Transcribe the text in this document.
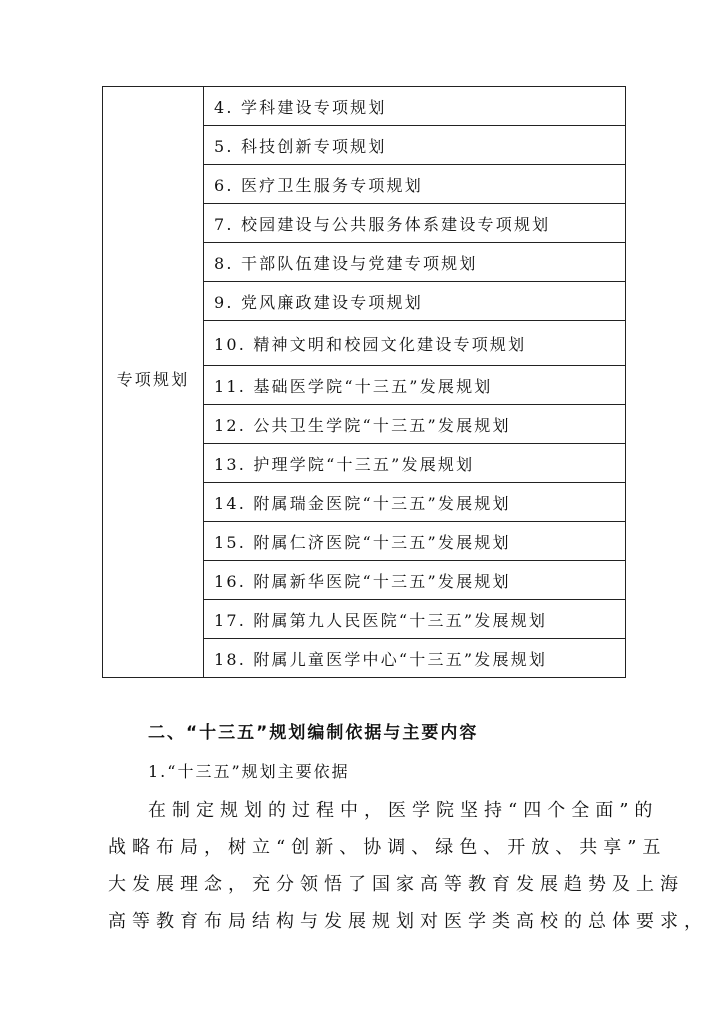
专项规划	4. 学科建设专项规划
5. 科技创新专项规划
6. 医疗卫生服务专项规划
7. 校园建设与公共服务体系建设专项规划
8. 干部队伍建设与党建专项规划
9. 党风廉政建设专项规划
10. 精神文明和校园文化建设专项规划
11. 基础医学院“十三五”发展规划
12. 公共卫生学院“十三五”发展规划
13. 护理学院“十三五”发展规划
14. 附属瑞金医院“十三五”发展规划
15. 附属仁济医院“十三五”发展规划
16. 附属新华医院“十三五”发展规划
17. 附属第九人民医院“十三五”发展规划
18. 附属儿童医学中心“十三五”发展规划
二、“十三五”规划编制依据与主要内容
1.“十三五”规划主要依据
在制定规划的过程中，医学院坚持“四个全面”的
战略布局，树立“创新、协调、绿色、开放、共享”五
大发展理念，充分领悟了国家高等教育发展趋势及上海
高等教育布局结构与发展规划对医学类高校的总体要求，
